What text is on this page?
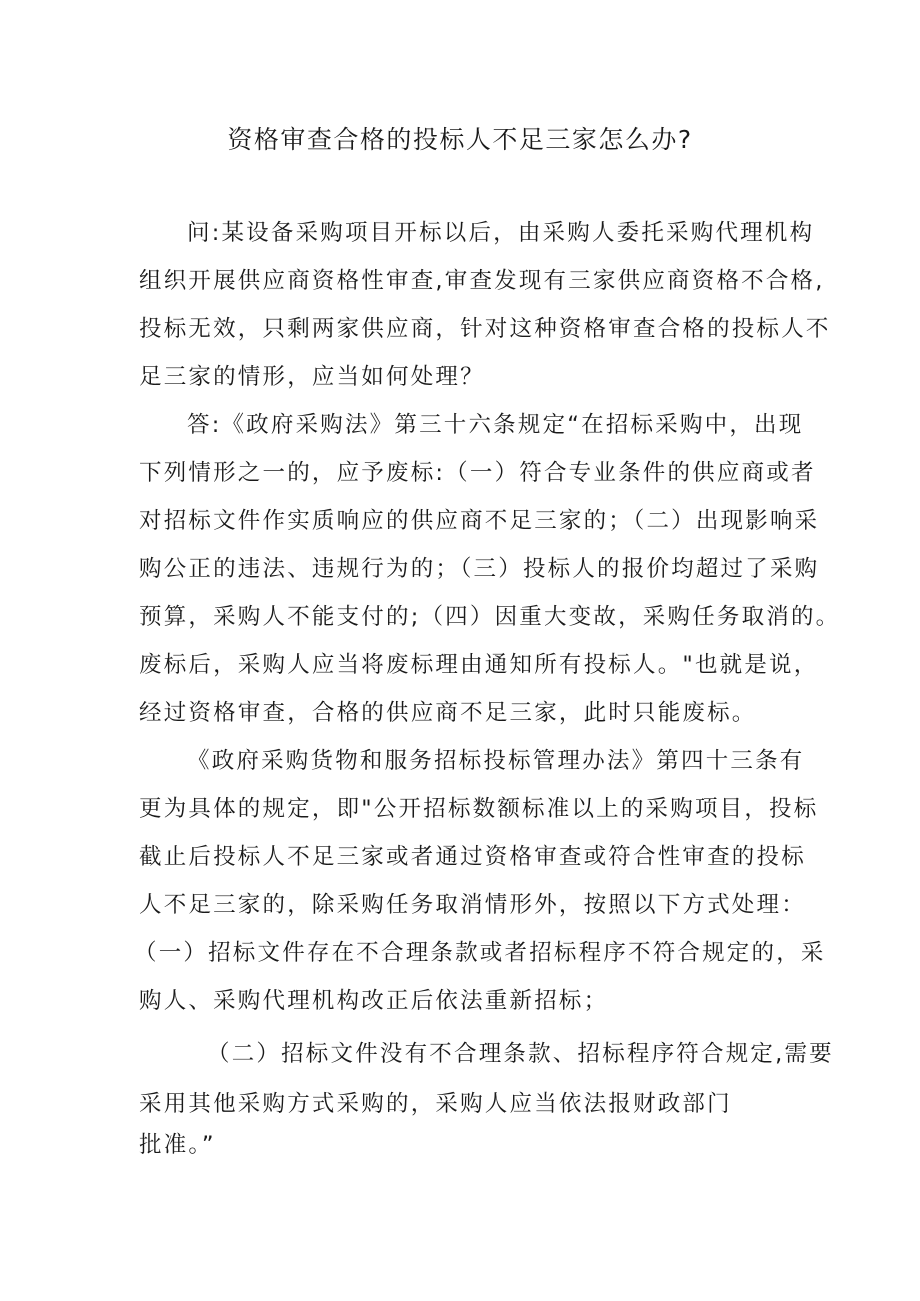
资格审查合格的投标人不足三家怎么办?
问:某设备采购项目开标以后，由采购人委托采购代理机构
组织开展供应商资格性审查,审查发现有三家供应商资格不合格,
投标无效，只剩两家供应商，针对这种资格审查合格的投标人不
足三家的情形，应当如何处理？
答:《政府采购法》第三十六条规定“在招标采购中，出现
下列情形之一的，应予废标:（一）符合专业条件的供应商或者
对招标文件作实质响应的供应商不足三家的；（二）出现影响采
购公正的违法、违规行为的；（三）投标人的报价均超过了采购
预算，采购人不能支付的;（四）因重大变故，采购任务取消的。
废标后，采购人应当将废标理由通知所有投标人。"也就是说，
经过资格审查，合格的供应商不足三家，此时只能废标。
《政府采购货物和服务招标投标管理办法》第四十三条有
更为具体的规定，即"公开招标数额标准以上的采购项目，投标
截止后投标人不足三家或者通过资格审查或符合性审查的投标
人不足三家的，除采购任务取消情形外，按照以下方式处理：
（一）招标文件存在不合理条款或者招标程序不符合规定的，采
购人、采购代理机构改正后依法重新招标；
（二）招标文件没有不合理条款、招标程序符合规定,需要
采用其他采购方式采购的，采购人应当依法报财政部门
批准。”
